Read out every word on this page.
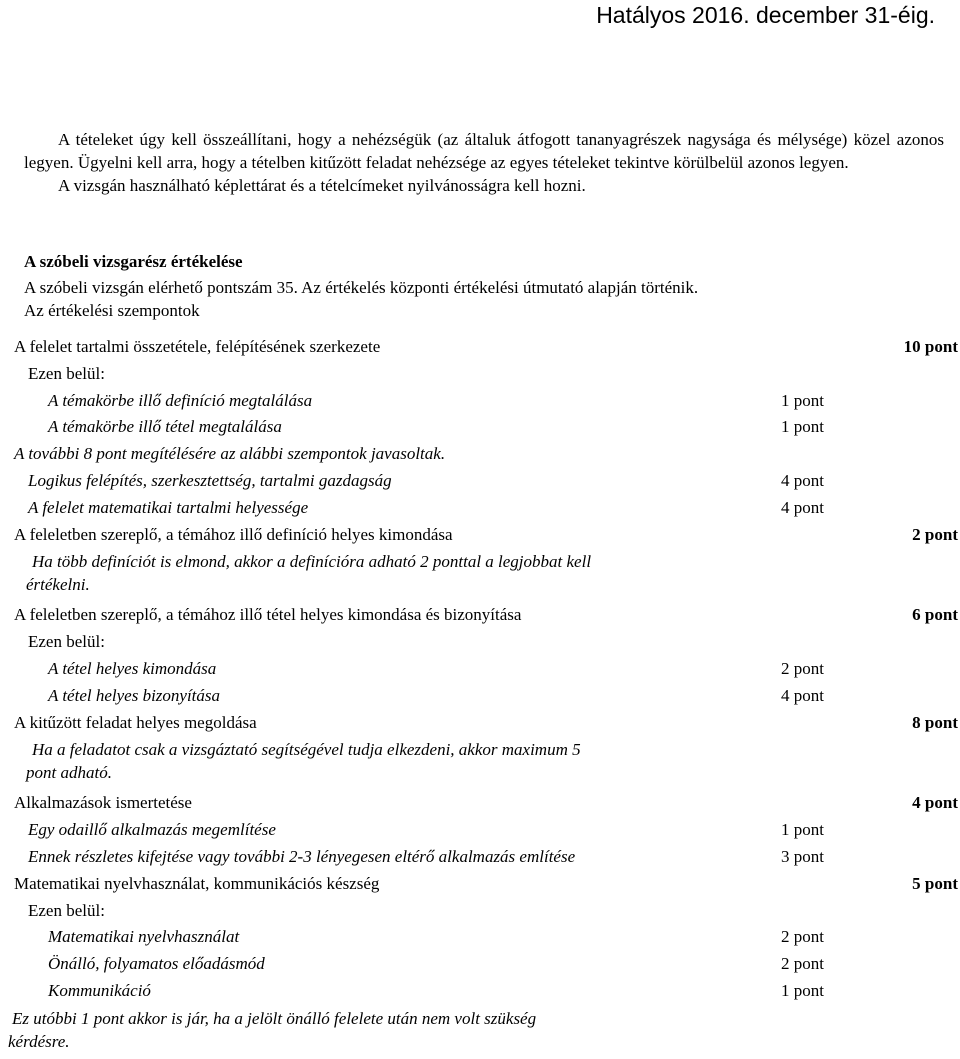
Hatályos 2016. december 31-éig.

A tételeket úgy kell összeállítani, hogy a nehézségük (az általuk átfogott tananyagrészek nagysága és mélysége) közel azonos legyen. Ügyelni kell arra, hogy a tételben kitűzött feladat nehézsége az egyes tételeket tekintve körülbelül azonos legyen.

A vizsgán használható képlettárat és a tételcímeket nyilvánosságra kell hozni.

A szóbeli vizsgarész értékelése
A szóbeli vizsgán elérhető pontszám 35. Az értékelés központi értékelési útmutató alapján történik.
Az értékelési szempontok
A felelet tartalmi összetétele, felépítésének szerkezete	10 pont
Ezen belül:
A témakörbe illő definíció megtalálása	1 pont
A témakörbe illő tétel megtalálása	1 pont
A további 8 pont megítélésére az alábbi szempontok javasoltak.
Logikus felépítés, szerkesztettség, tartalmi gazdagság	4 pont
A felelet matematikai tartalmi helyessége	4 pont
A feleletben szereplő, a témához illő definíció helyes kimondása	2 pont
Ha több definíciót is elmond, akkor a definícióra adható 2 ponttal a legjobbat kell
értékelni.
A feleletben szereplő, a témához illő tétel helyes kimondása és bizonyítása	6 pont
Ezen belül:
A tétel helyes kimondása	2 pont
A tétel helyes bizonyítása	4 pont
A kitűzött feladat helyes megoldása	8 pont
Ha a feladatot csak a vizsgáztató segítségével tudja elkezdeni, akkor maximum 5
pont adható.
Alkalmazások ismertetése	4 pont
Egy odaillő alkalmazás megemlítése	1 pont
Ennek részletes kifejtése vagy további 2-3 lényegesen eltérő alkalmazás említése	3 pont
Matematikai nyelvhasználat, kommunikációs készség	5 pont
Ezen belül:
Matematikai nyelvhasználat	2 pont
Önálló, folyamatos előadásmód	2 pont
Kommunikáció	1 pont
Ez utóbbi 1 pont akkor is jár, ha a jelölt önálló felelete után nem volt szükség
kérdésre.
